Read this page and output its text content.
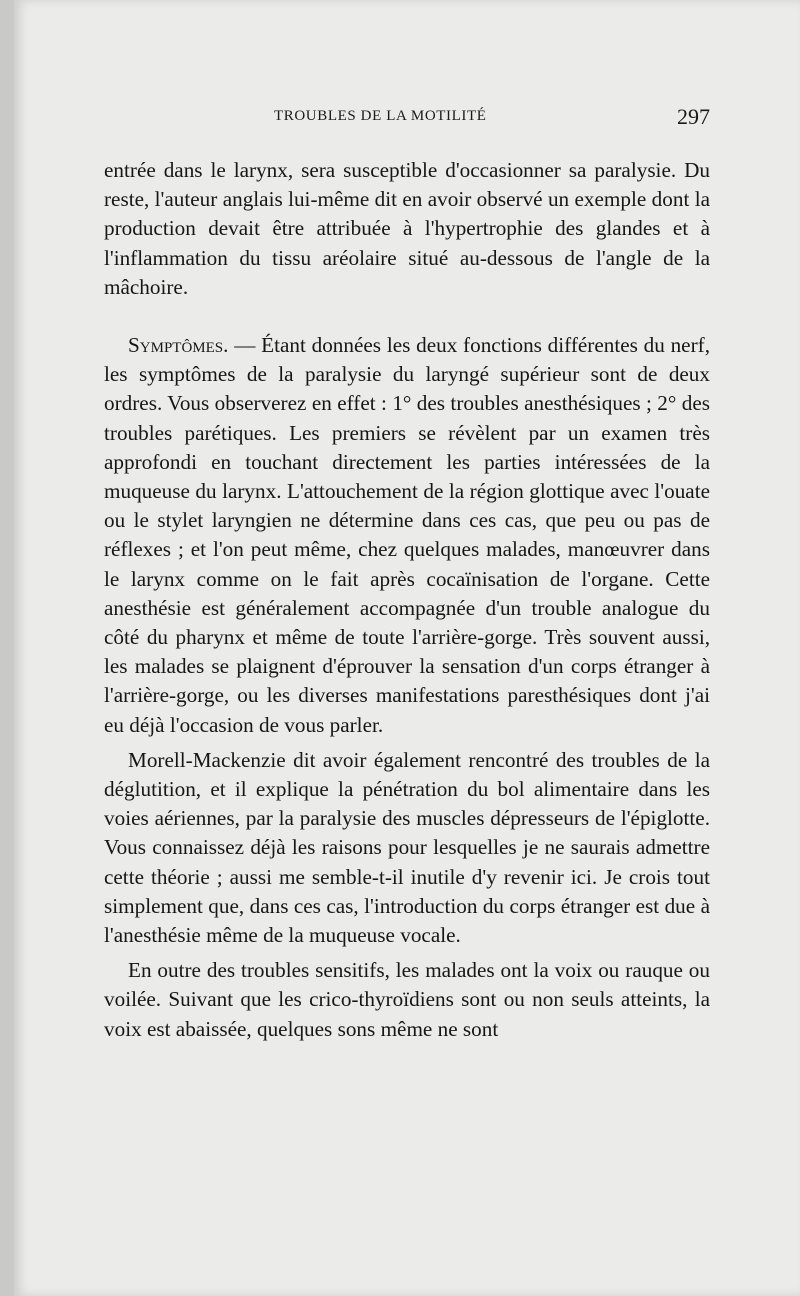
TROUBLES DE LA MOTILITÉ	297

entrée dans le larynx, sera susceptible d'occasionner sa paralysie. Du reste, l'auteur anglais lui-même dit en avoir observé un exemple dont la production devait être attribuée à l'hypertrophie des glandes et à l'inflammation du tissu aréolaire situé au-dessous de l'angle de la mâchoire.

Symptômes. — Étant données les deux fonctions différentes du nerf, les symptômes de la paralysie du laryngé supérieur sont de deux ordres. Vous observerez en effet : 1° des troubles anesthésiques ; 2° des troubles parétiques. Les premiers se révèlent par un examen très approfondi en touchant directement les parties intéressées de la muqueuse du larynx. L'attouchement de la région glottique avec l'ouate ou le stylet laryngien ne détermine dans ces cas, que peu ou pas de réflexes ; et l'on peut même, chez quelques malades, manœuvrer dans le larynx comme on le fait après cocaïnisation de l'organe. Cette anesthésie est généralement accompagnée d'un trouble analogue du côté du pharynx et même de toute l'arrière-gorge. Très souvent aussi, les malades se plaignent d'éprouver la sensation d'un corps étranger à l'arrière-gorge, ou les diverses manifestations paresthésiques dont j'ai eu déjà l'occasion de vous parler.

Morell-Mackenzie dit avoir également rencontré des troubles de la déglutition, et il explique la pénétration du bol alimentaire dans les voies aériennes, par la paralysie des muscles dépresseurs de l'épiglotte. Vous connaissez déjà les raisons pour lesquelles je ne saurais admettre cette théorie ; aussi me semble-t-il inutile d'y revenir ici. Je crois tout simplement que, dans ces cas, l'introduction du corps étranger est due à l'anesthésie même de la muqueuse vocale.

En outre des troubles sensitifs, les malades ont la voix ou rauque ou voilée. Suivant que les crico-thyroïdiens sont ou non seuls atteints, la voix est abaissée, quelques sons même ne sont
